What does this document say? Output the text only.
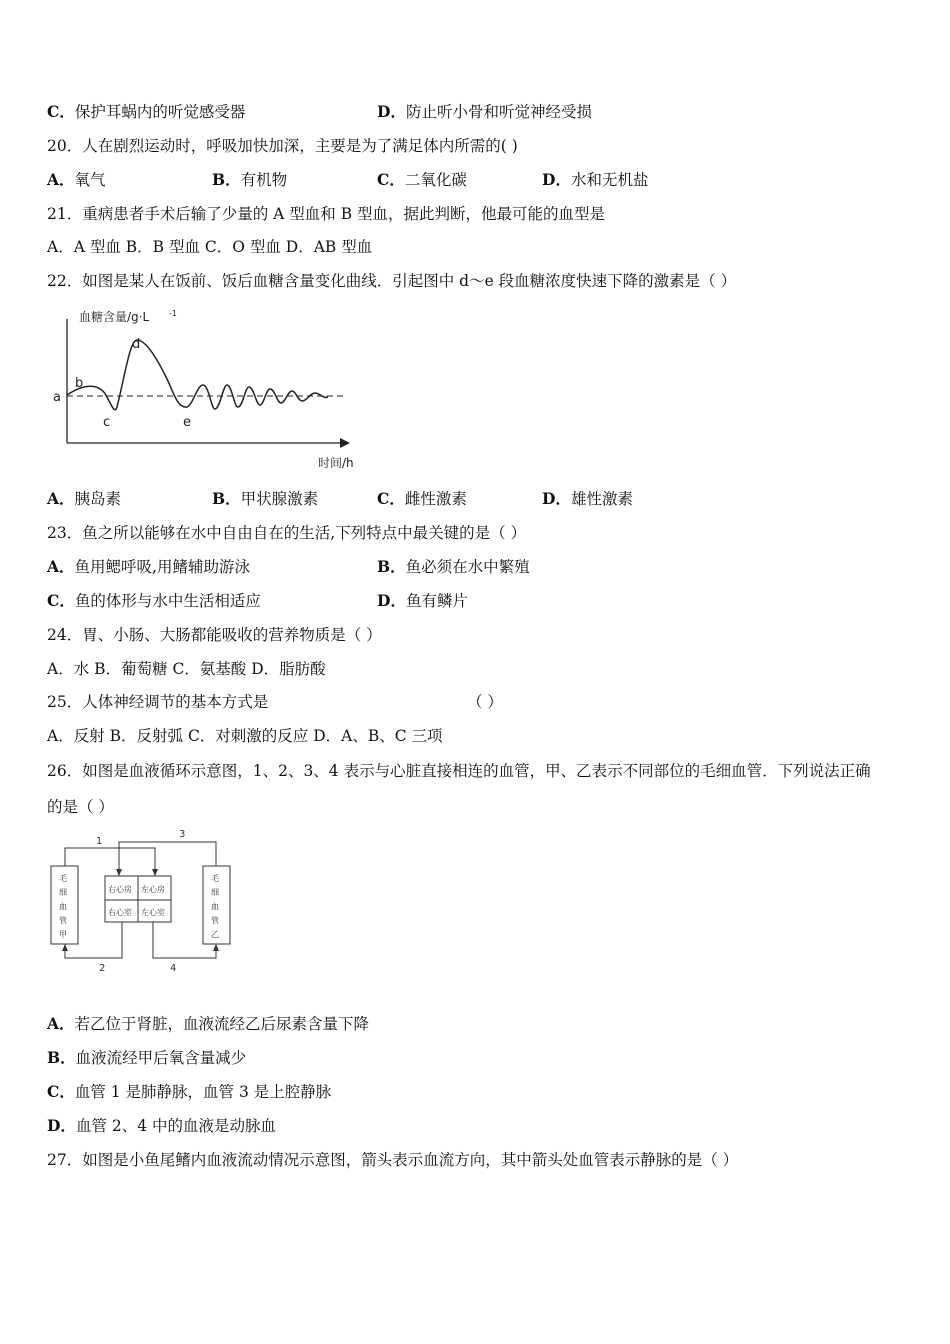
C．保护耳蜗内的听觉感受器	D．防止听小骨和听觉神经受损
20．人在剧烈运动时，呼吸加快加深，主要是为了满足体内所需的( )
A．氧气	B．有机物	C．二氧化碳	D．水和无机盐
21．重病患者手术后输了少量的 A 型血和 B 型血，据此判断，他最可能的血型是
A．A 型血 B．B 型血 C．O 型血 D．AB 型血
22．如图是某人在饭前、饭后血糖含量变化曲线．引起图中 d～e 段血糖浓度快速下降的激素是（ ）
血糖含量/g·L -1
a
b
c
d
e
时间/h
A．胰岛素	B．甲状腺激素	C．雌性激素	D．雄性激素
23．鱼之所以能够在水中自由自在的生活,下列特点中最关键的是（ ）
A．鱼用鳃呼吸,用鳍辅助游泳	B．鱼必须在水中繁殖
C．鱼的体形与水中生活相适应	D．鱼有鳞片
24．胃、小肠、大肠都能吸收的营养物质是（ ）
A．水 B．葡萄糖 C．氨基酸 D．脂肪酸
25．人体神经调节的基本方式是	（ ）
A．反射 B．反射弧 C．对刺激的反应 D．A、B、C 三项
26．如图是血液循环示意图，1、2、3、4 表示与心脏直接相连的血管，甲、乙表示不同部位的毛细血管．下列说法正确
的是（ ）
1
3
2	4
右心房 左心房
右心室 左心室
毛
细
血
管
甲
毛
细
血
管
乙
A．若乙位于肾脏，血液流经乙后尿素含量下降
B．血液流经甲后氧含量减少
C．血管 1 是肺静脉，血管 3 是上腔静脉
D．血管 2、4 中的血液是动脉血
27．如图是小鱼尾鳍内血液流动情况示意图，箭头表示血流方向，其中箭头处血管表示静脉的是（ ）
